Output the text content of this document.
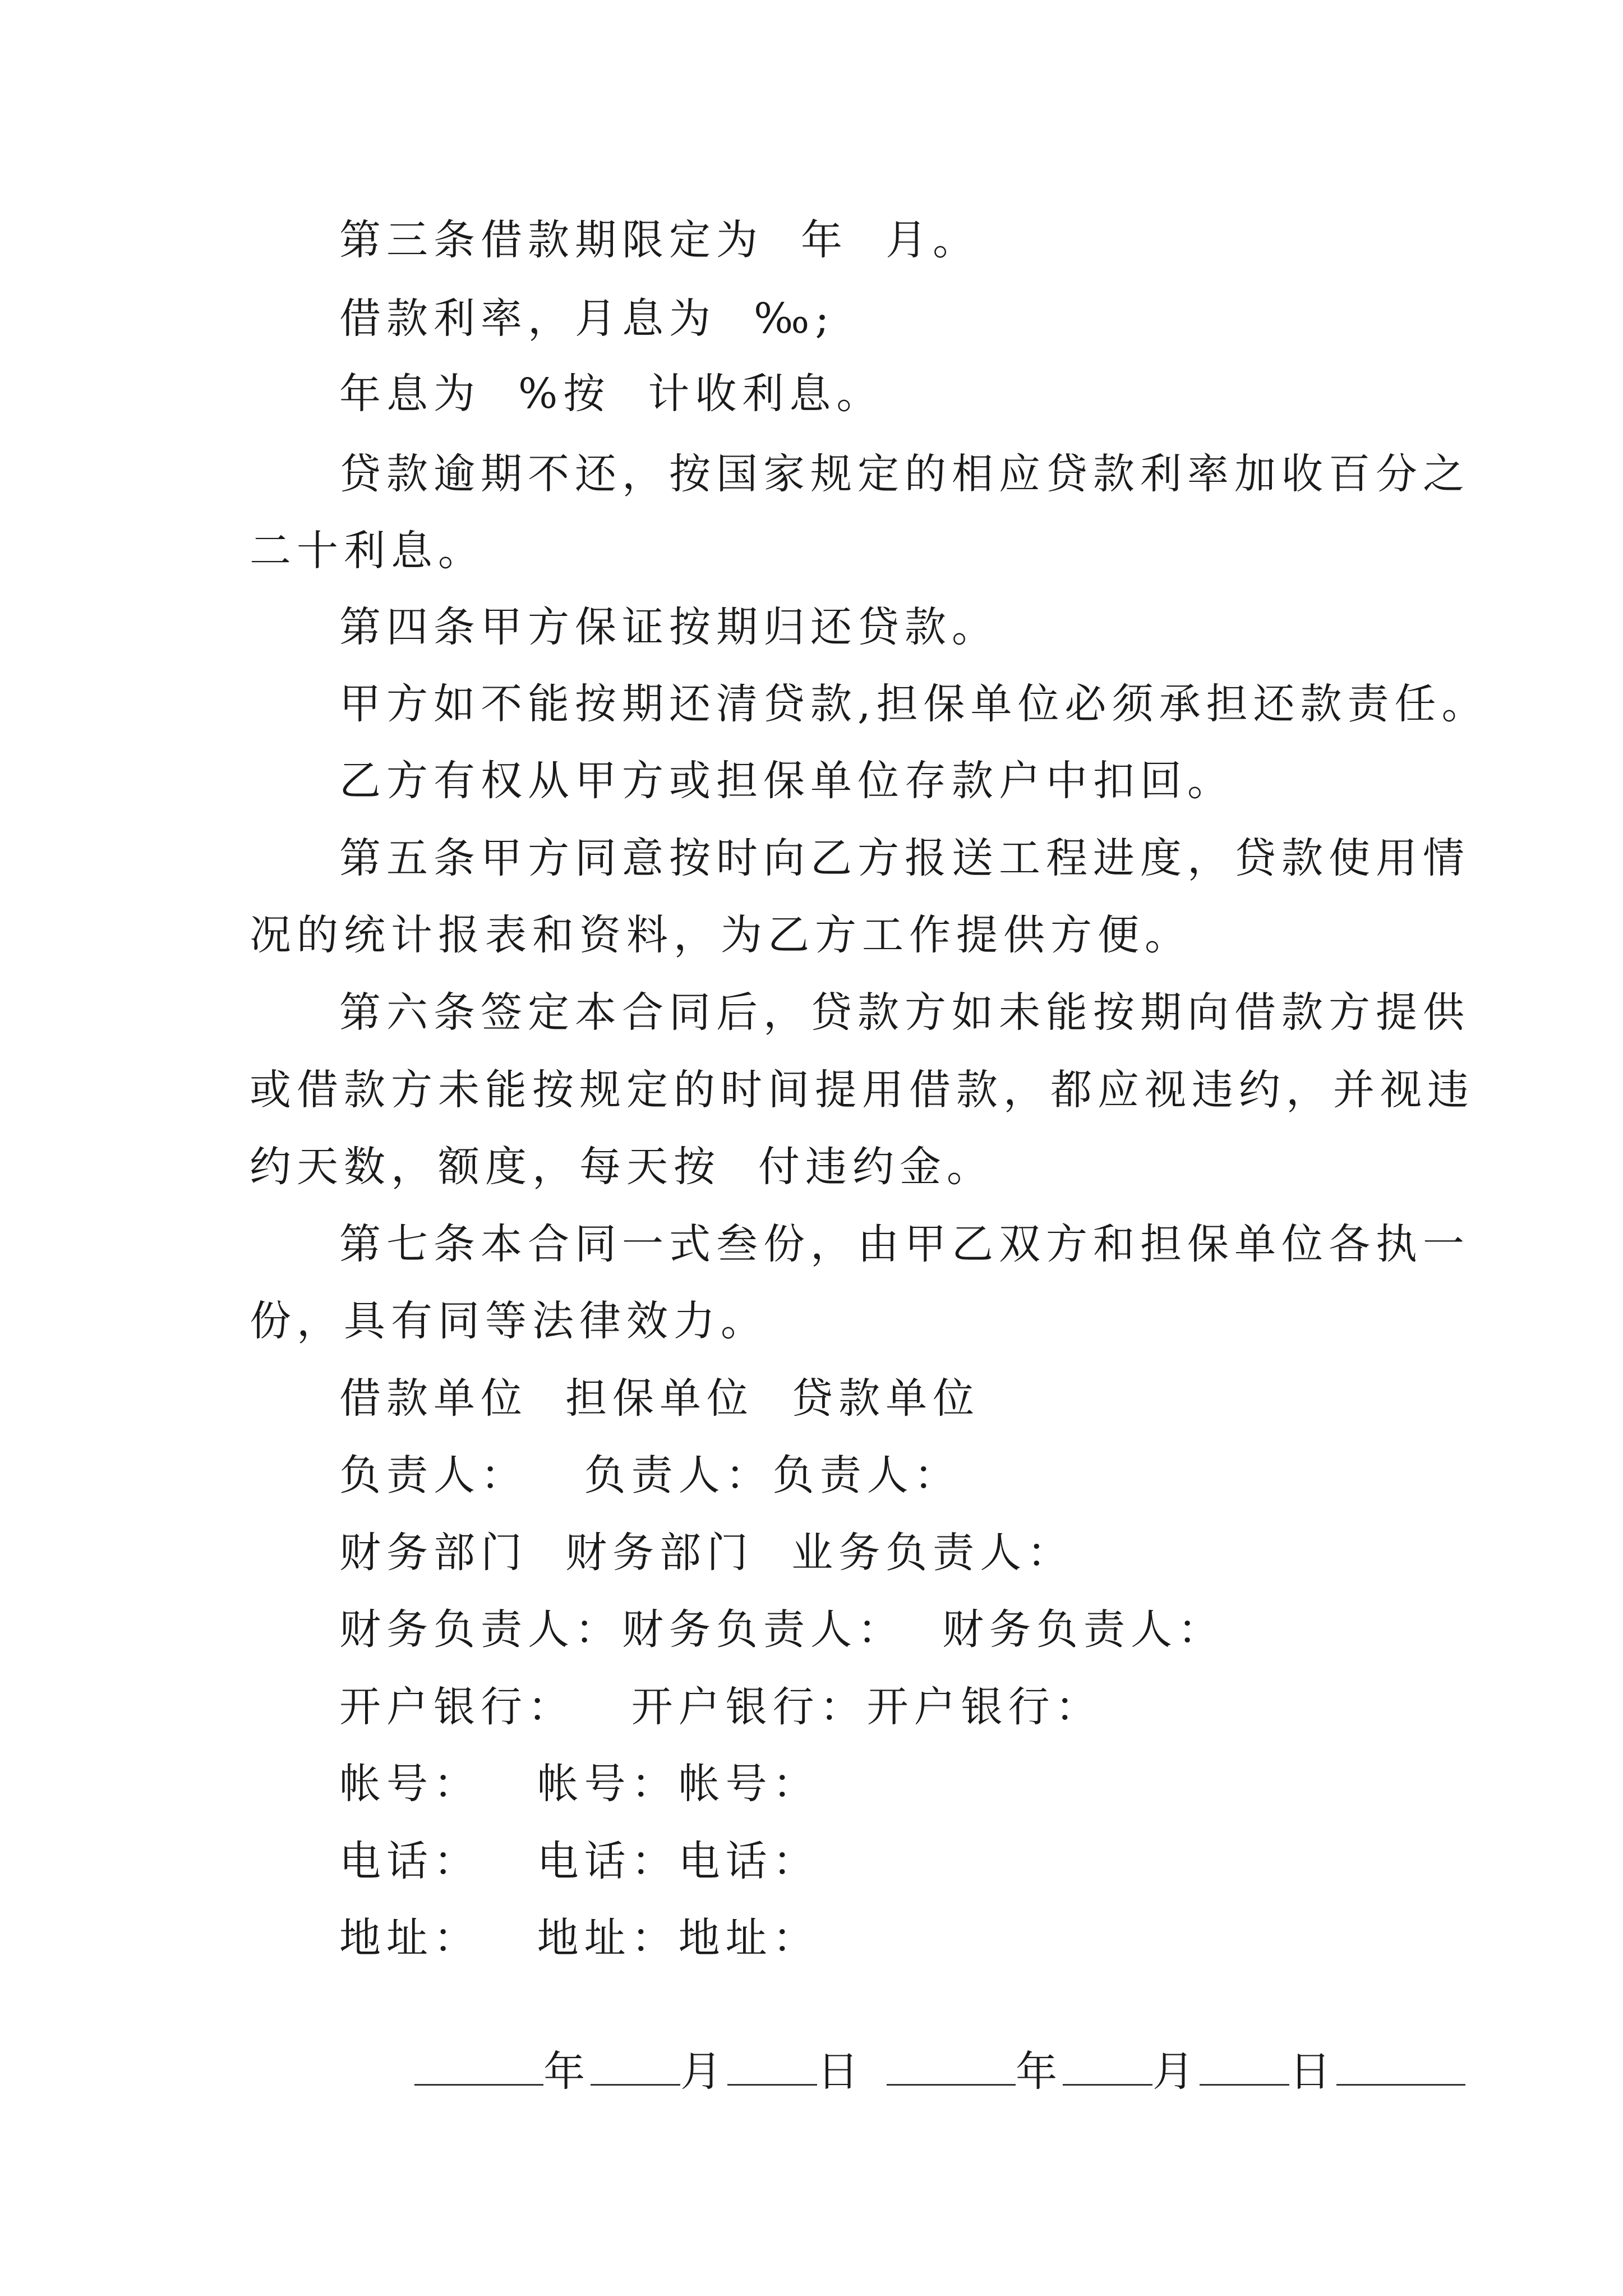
第三条借款期限定为  年  月。
借款利率，月息为  ‰;
年息为  %按  计收利息。
贷款逾期不还，按国家规定的相应贷款利率加收百分之
二十利息。
第四条甲方保证按期归还贷款。
甲方如不能按期还清贷款,担保单位必须承担还款责任。
乙方有权从甲方或担保单位存款户中扣回。
第五条甲方同意按时向乙方报送工程进度，贷款使用情
况的统计报表和资料，为乙方工作提供方便。
第六条签定本合同后，贷款方如未能按期向借款方提供
或借款方未能按规定的时间提用借款，都应视违约，并视违
约天数，额度，每天按  付违约金。
第七条本合同一式叁份，由甲乙双方和担保单位各执一
份，具有同等法律效力。
借款单位  担保单位  贷款单位
负责人：   负责人：负责人：
财务部门  财务部门  业务负责人：
财务负责人：财务负责人：  财务负责人：
开户银行：   开户银行：开户银行：
帐号：   帐号：帐号：
电话：   电话：电话：
地址：   地址：地址：

年 月 日	年 月 日
